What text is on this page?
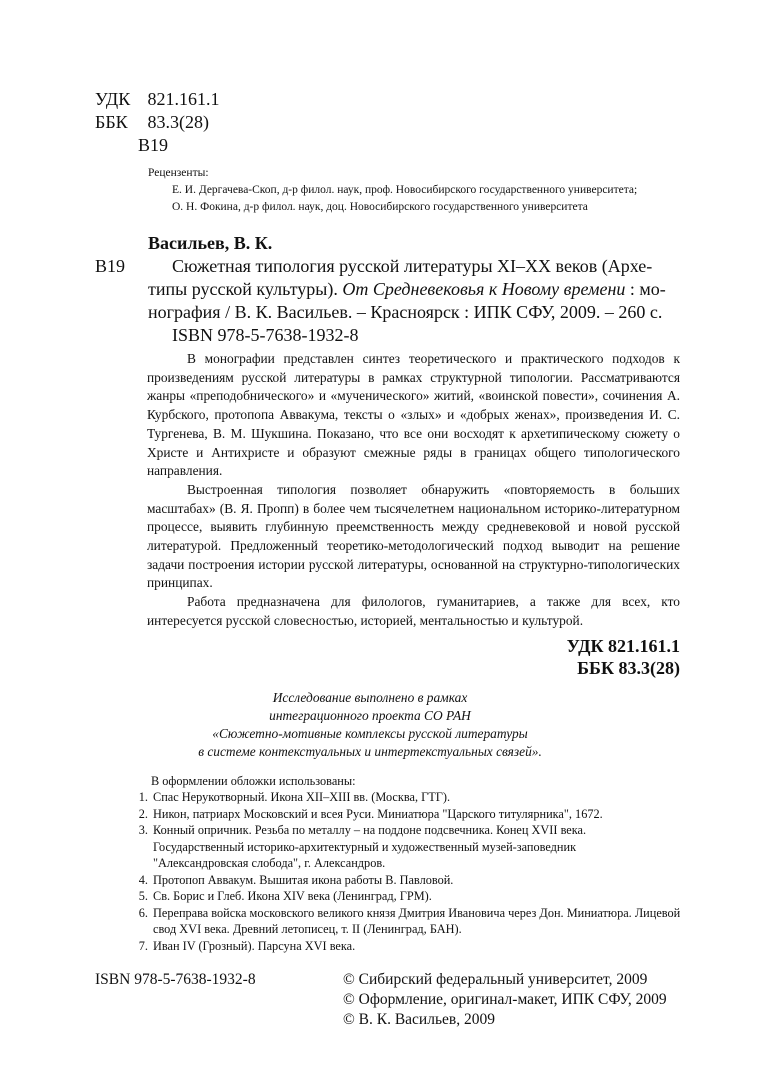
УДК 821.161.1
ББК 83.3(28)
В19
Рецензенты:
Е. И. Дергачева-Скоп, д-р филол. наук, проф. Новосибирского государственного университета;
О. Н. Фокина, д-р филол. наук, доц. Новосибирского государственного университета
Васильев, В. К.
В19	Сюжетная типология русской литературы XI–XX веков (Архе-
типы русской культуры). От Средневековья к Новому времени : мо-
нография / В. К. Васильев. – Красноярск : ИПК СФУ, 2009. – 260 с.
ISBN 978-5-7638-1932-8

В монографии представлен синтез теоретического и практического подходов к произведениям русской литературы в рамках структурной типологии. Рассматриваются жанры «преподобнического» и «мученического» житий, «воинской повести», сочинения А. Курбского, протопопа Аввакума, тексты о «злых» и «добрых женах», произведения И. С. Тургенева, В. М. Шукшина. Показано, что все они восходят к архетипическому сюжету о Христе и Антихристе и образуют смежные ряды в границах общего типологического направления.

Выстроенная типология позволяет обнаружить «повторяемость в больших масштабах» (В. Я. Пропп) в более чем тысячелетнем национальном историко-литературном процессе, выявить глубинную преемственность между средневековой и новой русской литературой. Предложенный теоретико-методологический подход выводит на решение задачи построения истории русской литературы, основанной на структурно-типологических принципах.

Работа предназначена для филологов, гуманитариев, а также для всех, кто интересуется русской словесностью, историей, ментальностью и культурой.

УДК 821.161.1
ББК 83.3(28)
Исследование выполнено в рамках
интеграционного проекта СО РАН
«Сюжетно-мотивные комплексы русской литературы
в системе контекстуальных и интертекстуальных связей».
В оформлении обложки использованы:
1. Спас Нерукотворный. Икона XII–XIII вв. (Москва, ГТГ).
2. Никон, патриарх Московский и всея Руси. Миниатюра "Царского титулярника", 1672.
3. Конный опричник. Резьба по металлу – на поддоне подсвечника. Конец XVII века. Государственный историко-архитектурный и художественный музей-заповедник "Александровская слобода", г. Александров.
4. Протопоп Аввакум. Вышитая икона работы В. Павловой.
5. Св. Борис и Глеб. Икона XIV века (Ленинград, ГРМ).
6. Переправа войска московского великого князя Дмитрия Ивановича через Дон. Миниатюра. Лицевой свод XVI века. Древний летописец, т. II (Ленинград, БАН).
7. Иван IV (Грозный). Парсуна XVI века.
ISBN 978-5-7638-1932-8	© Сибирский федеральный университет, 2009
© Оформление, оригинал-макет, ИПК СФУ, 2009
© В. К. Васильев, 2009
